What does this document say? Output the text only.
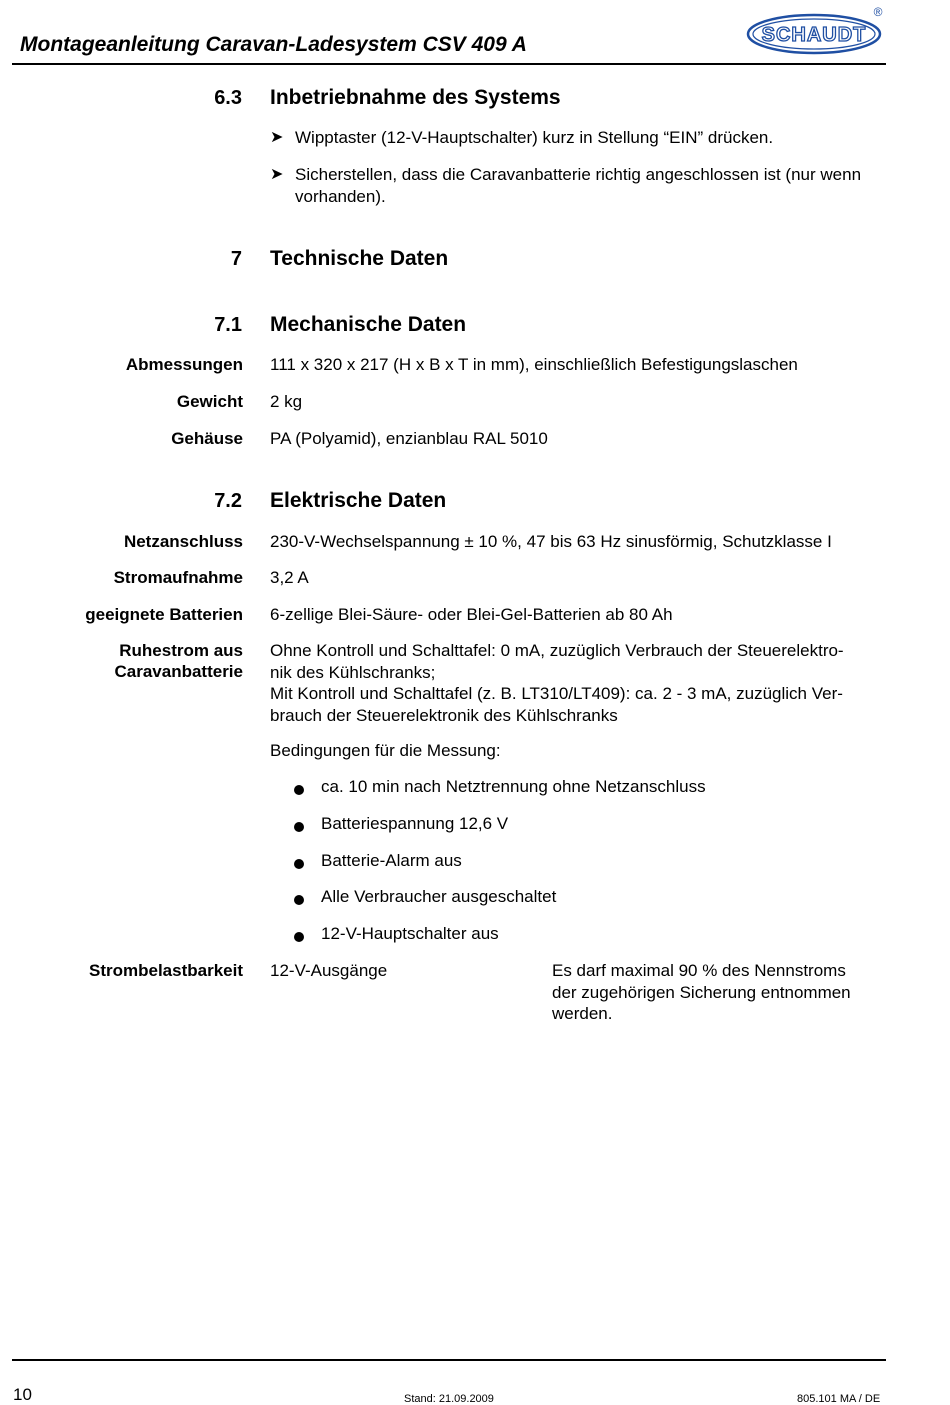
Montageanleitung Caravan-Ladesystem CSV 409 A	SCHAUDT
®
6.3 Inbetriebnahme des Systems
➤ Wipptaster (12-V-Hauptschalter) kurz in Stellung “EIN” drücken.
➤ Sicherstellen, dass die Caravanbatterie richtig angeschlossen ist (nur wenn vorhanden).
7 Technische Daten
7.1 Mechanische Daten
Abmessungen 111 x 320 x 217 (H x B x T in mm), einschließlich Befestigungslaschen
Gewicht 2 kg
Gehäuse PA (Polyamid), enzianblau RAL 5010
7.2 Elektrische Daten
Netzanschluss 230-V-Wechselspannung ± 10 %, 47 bis 63 Hz sinusförmig, Schutzklasse I
Stromaufnahme 3,2 A
geeignete Batterien 6-zellige Blei-Säure- oder Blei-Gel-Batterien ab 80 Ah
Ruhestrom aus
Caravanbatterie
Ohne Kontroll und Schalttafel: 0 mA, zuzüglich Verbrauch der Steuerelektro-
nik des Kühlschranks;
Mit Kontroll und Schalttafel (z. B. LT310/LT409): ca. 2 - 3 mA, zuzüglich Ver-
brauch der Steuerelektronik des Kühlschranks
Bedingungen für die Messung:
ca. 10 min nach Netztrennung ohne Netzanschluss
Batteriespannung 12,6 V
Batterie-Alarm aus
Alle Verbraucher ausgeschaltet
12-V-Hauptschalter aus
Strombelastbarkeit 12-V-Ausgänge	Es darf maximal 90 % des Nennstroms
der zugehörigen Sicherung entnommen
werden.
10	Stand: 21.09.2009	805.101 MA / DE
